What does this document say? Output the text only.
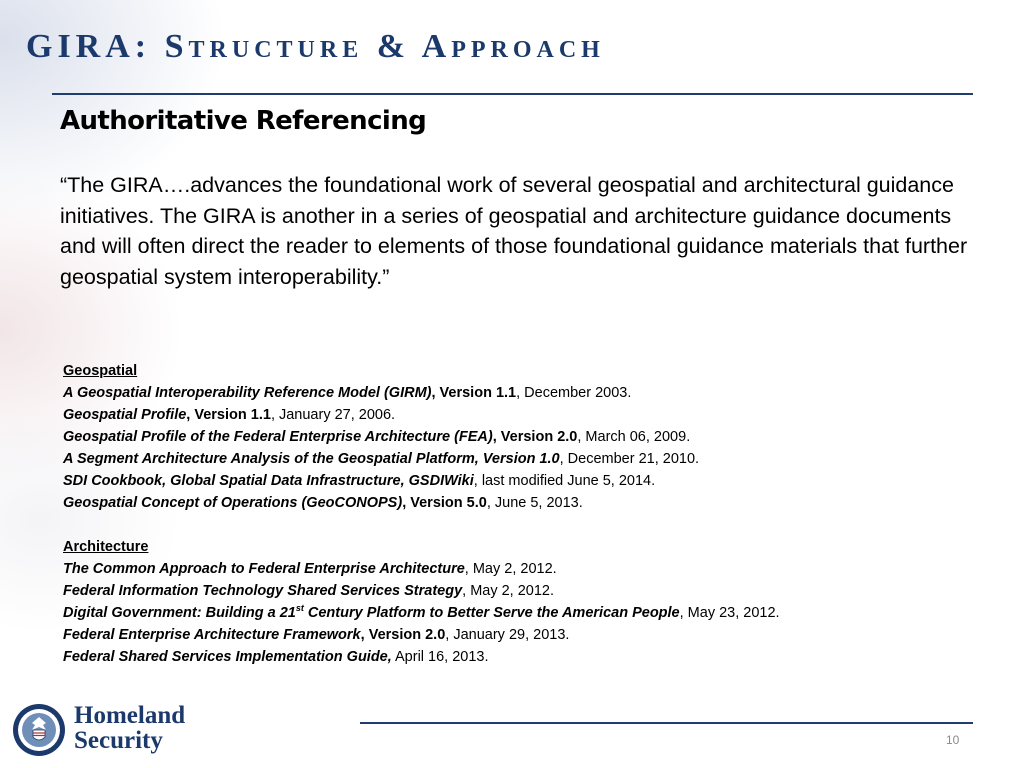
GIRA: Structure & Approach
Authoritative Referencing
“The GIRA….advances the foundational work of several geospatial and architectural guidance initiatives. The GIRA is another in a series of geospatial and architecture guidance documents and will often direct the reader to elements of those foundational guidance materials that further geospatial system interoperability.”
Geospatial
A Geospatial Interoperability Reference Model (GIRM), Version 1.1, December 2003.
Geospatial Profile, Version 1.1, January 27, 2006.
Geospatial Profile of the Federal Enterprise Architecture (FEA), Version 2.0, March 06, 2009.
A Segment Architecture Analysis of the Geospatial Platform, Version 1.0, December 21, 2010.
SDI Cookbook, Global Spatial Data Infrastructure, GSDIWiki, last modified June 5, 2014.
Geospatial Concept of Operations (GeoCONOPS), Version 5.0, June 5, 2013.
Architecture
The Common Approach to Federal Enterprise Architecture, May 2, 2012.
Federal Information Technology Shared Services Strategy, May 2, 2012.
Digital Government: Building a 21st Century Platform to Better Serve the American People, May 23, 2012.
Federal Enterprise Architecture Framework, Version 2.0, January 29, 2013.
Federal Shared Services Implementation Guide, April 16, 2013.
Homeland
Security	10
